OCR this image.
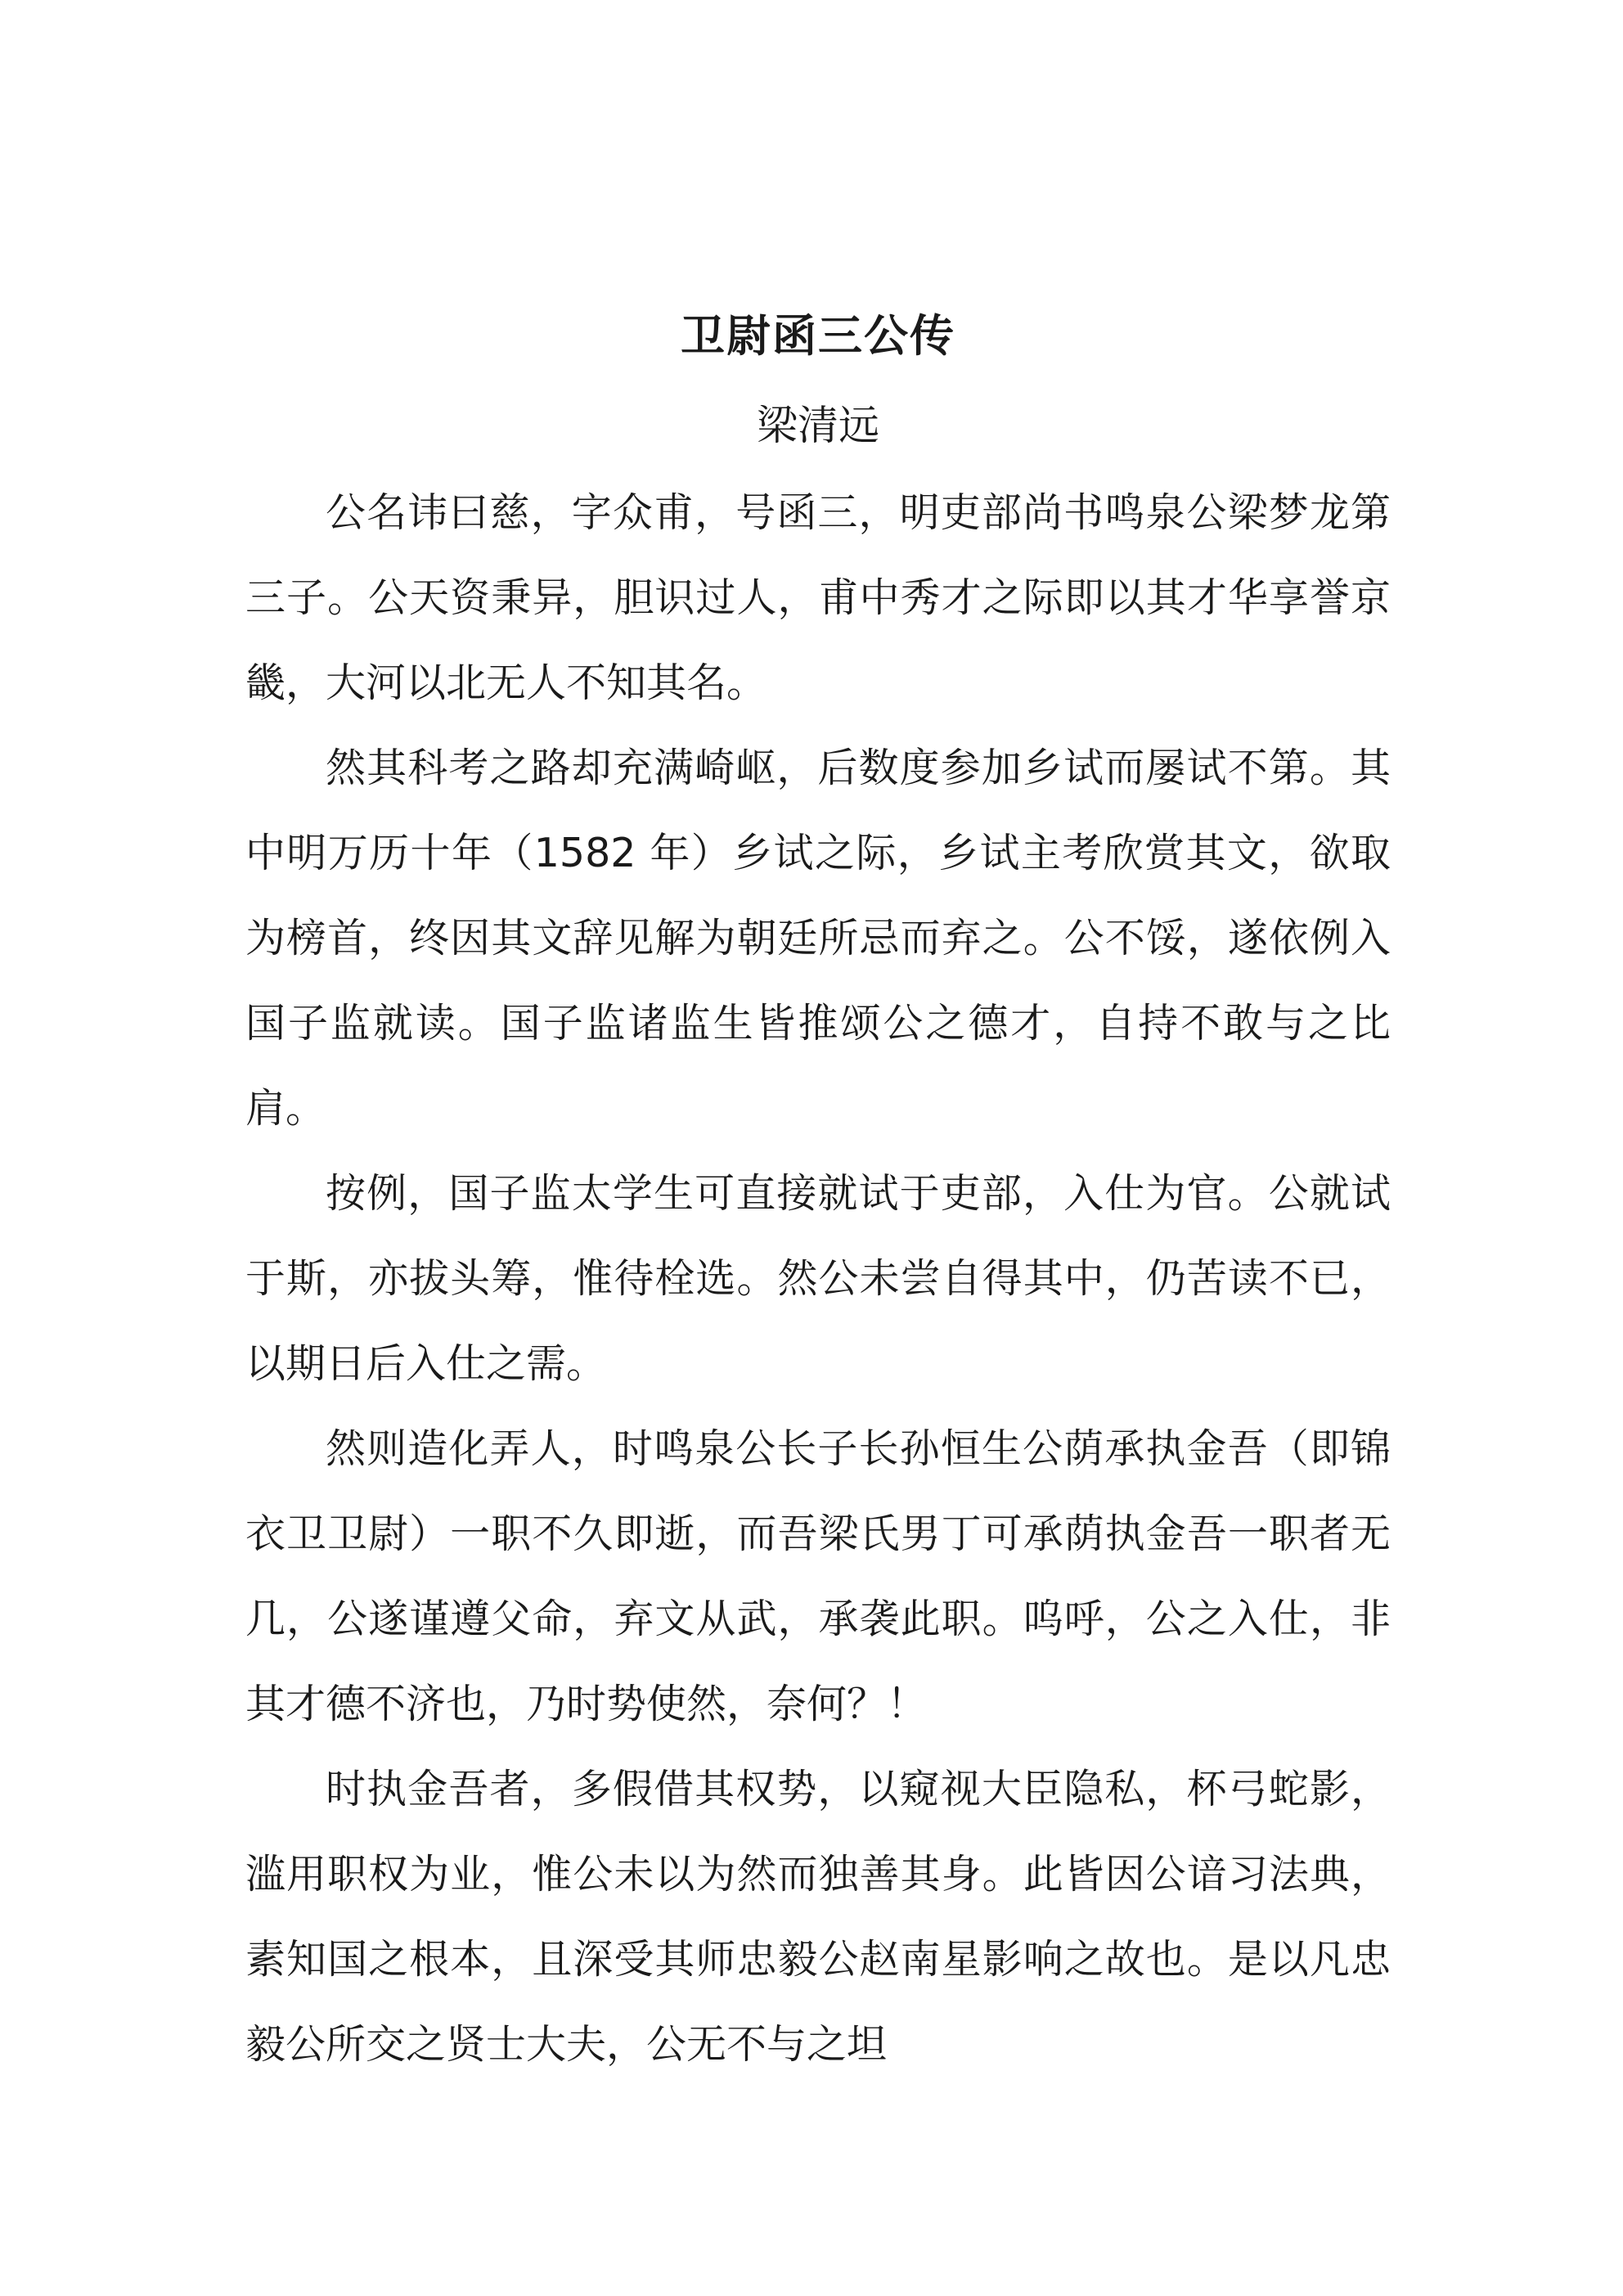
卫尉函三公传

梁清远

公名讳曰慈，字众甫，号函三，明吏部尚书鸣泉公梁梦龙第三子。公天资秉异，胆识过人，甫中秀才之际即以其才华享誉京畿，大河以北无人不知其名。

然其科考之路却充满崎岖，后数度参加乡试而屡试不第。其中明万历十年（1582 年）乡试之际，乡试主考欣赏其文，欲取为榜首，终因其文辞见解为朝廷所忌而弃之。公不馁，遂依例入国子监就读。国子监诸监生皆推颂公之德才，自持不敢与之比肩。

按例，国子监太学生可直接就试于吏部，入仕为官。公就试于斯，亦拔头筹，惟待栓选。然公未尝自得其中，仍苦读不已，以期日后入仕之需。

然则造化弄人，时鸣泉公长子长孙恒生公荫承执金吾（即锦衣卫卫尉）一职不久即逝，而吾梁氏男丁可承荫执金吾一职者无几，公遂谨遵父命，弃文从武，承袭此职。呜呼，公之入仕，非其才德不济也，乃时势使然，奈何？！

时执金吾者，多假借其权势，以窥视大臣隐私，杯弓蛇影，滥用职权为业，惟公未以为然而独善其身。此皆因公谙习法典，素知国之根本，且深受其师忠毅公赵南星影响之故也。是以凡忠毅公所交之贤士大夫，公无不与之坦
